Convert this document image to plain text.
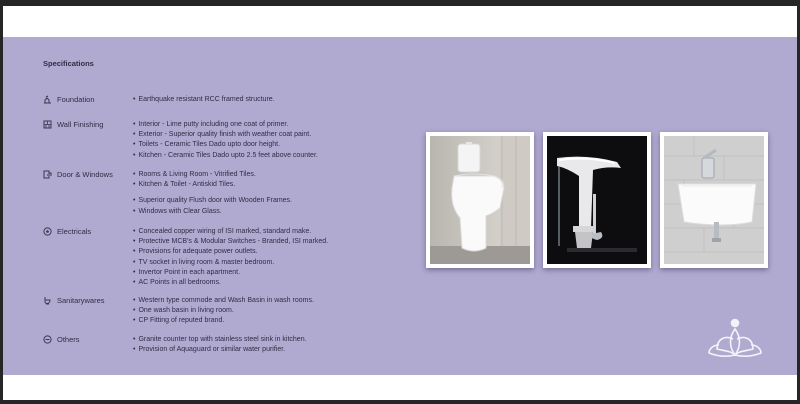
Specifications
Foundation	• Earthquake resistant RCC framed structure.
Wall Finishing	• Interior - Lime putty including one coat of primer.
• Exterior - Superior quality finish with weather coat paint.
• Toilets - Ceramic Tiles Dado upto door height.
• Kitchen - Ceramic Tiles Dado upto 2.5 feet above counter.
Door & Windows	• Rooms & Living Room - Vitrified Tiles.
• Kitchen & Toilet - Antiskid Tiles.
• Superior quality Flush door with Wooden Frames.
• Windows with Clear Glass.
Electricals	• Concealed copper wiring of ISI marked, standard make.
• Protective MCB's & Modular Switches - Branded, ISI marked.
• Provisions for adequate power outlets.
• TV socket in living room & master bedroom.
• Invertor Point in each apartment.
• AC Points in all bedrooms.
Sanitarywares	• Western type commode and Wash Basin in wash rooms.
• One wash basin in living room.
• CP Fitting of reputed brand.
Others	• Granite counter top with stainless steel sink in kitchen.
• Provision of Aquaguard or similar water purifier.
